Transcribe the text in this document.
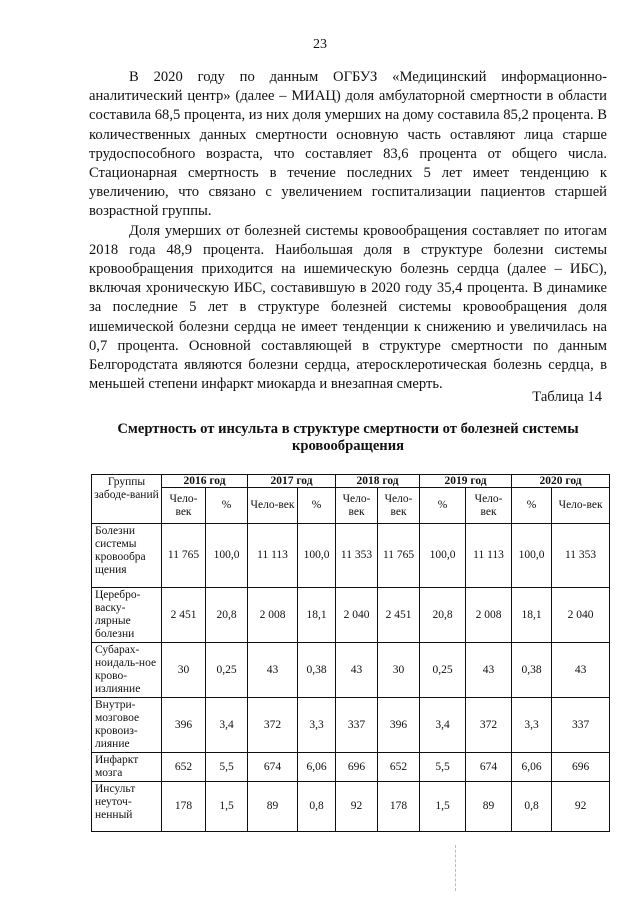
23

В 2020 году по данным ОГБУЗ «Медицинский информационно-аналитический центр» (далее – МИАЦ) доля амбулаторной смертности в области составила 68,5 процента, из них доля умерших на дому составила 85,2 процента. В количественных данных смертности основную часть оставляют лица старше трудоспособного возраста, что составляет 83,6 процента от общего числа. Стационарная смертность в течение последних 5 лет имеет тенденцию к увеличению, что связано с увеличением госпитализации пациентов старшей возрастной группы.

Доля умерших от болезней системы кровообращения составляет по итогам 2018 года 48,9 процента. Наибольшая доля в структуре болезни системы кровообращения приходится на ишемическую болезнь сердца (далее – ИБС), включая хроническую ИБС, составившую в 2020 году 35,4 процента. В динамике за последние 5 лет в структуре болезней системы кровообращения доля ишемической болезни сердца не имеет тенденции к снижению и увеличилась на 0,7 процента. Основной составляющей в структуре смертности по данным Белгородстата являются болезни сердца, атеросклеротическая болезнь сердца, в меньшей степени инфаркт миокарда и внезапная смерть.

Таблица 14
Смертность от инсульта в структуре смертности от болезней системы кровообращения
Группы забоде-ваний	2016 год		2017 год		2018 год		2019 год		2020 год	
	Чело-век	%	Чело-век	%	Чело-век	Чело-век	%	Чело-век	%	Чело-век
Болезни системы кровообра щения	11 765	100,0	11 113	100,0	11 353	11 765	100,0	11 113	100,0	11 353
Церебро-васку-лярные болезни	2 451	20,8	2 008	18,1	2 040	2 451	20,8	2 008	18,1	2 040
Субарах-ноидаль-ное крово-излияние	30	0,25	43	0,38	43	30	0,25	43	0,38	43
Внутри-мозговое кровоиз-лияние	396	3,4	372	3,3	337	396	3,4	372	3,3	337
Инфаркт мозга	652	5,5	674	6,06	696	652	5,5	674	6,06	696
Инсульт неуточ-ненный	178	1,5	89	0,8	92	178	1,5	89	0,8	92
